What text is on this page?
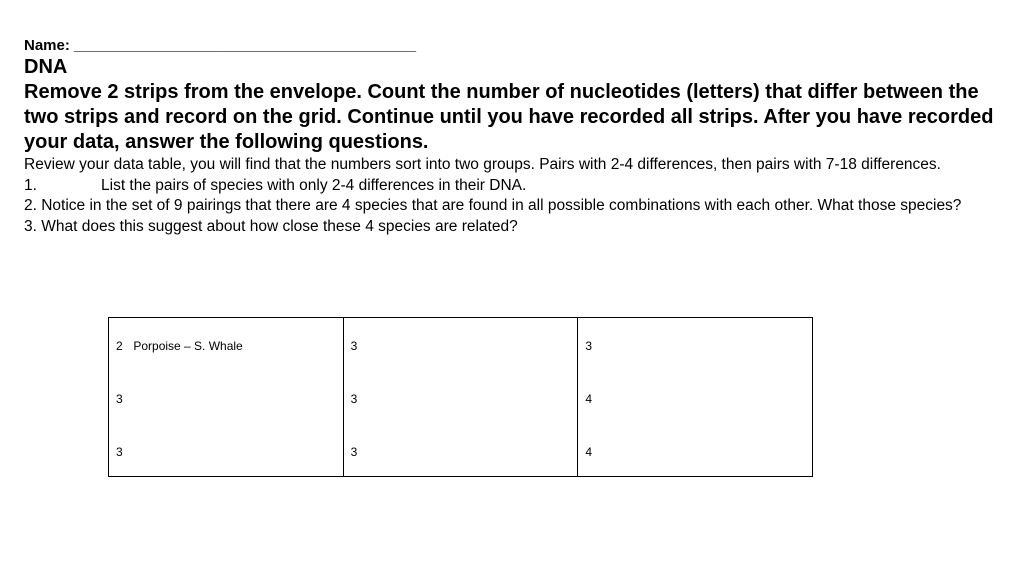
Name: _________________________________________
DNA

Remove 2 strips from the envelope. Count the number of nucleotides (letters) that differ between the two strips and record on the grid. Continue until you have recorded all strips. After you have recorded your data, answer the following questions.

Review your data table, you will find that the numbers sort into two groups. Pairs with 2-4 differences, then pairs with 7-18 differences.

1.	List the pairs of species with only 2-4 differences in their DNA.

2. Notice in the set of 9 pairings that there are 4 species that are found in all possible combinations with each other. What those species?

3. What does this suggest about how close these 4 species are related?

2 Porpoise – S. Whale	3	3
3	3	4
3	3	4
